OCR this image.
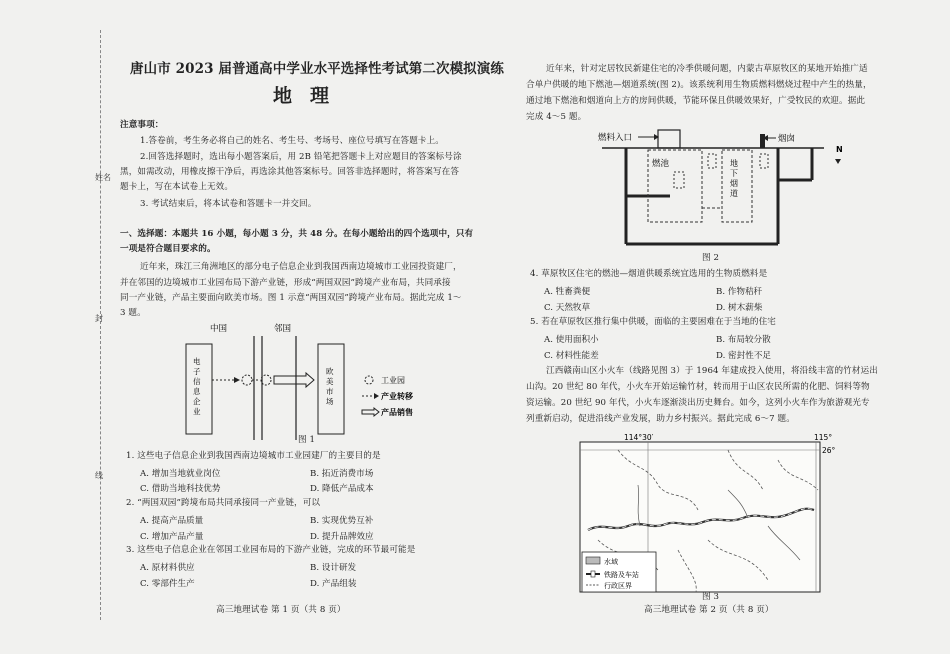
姓名
封
线
唐山市 2023 届普通高中学业水平选择性考试第二次模拟演练
地理
注意事项：
1.答卷前，考生务必将自己的姓名、考生号、考场号、座位号填写在答题卡上。
2.回答选择题时，选出每小题答案后，用 2B 铅笔把答题卡上对应题目的答案标号涂
黑，如需改动，用橡皮擦干净后，再选涂其他答案标号。回答非选择题时，将答案写在答
题卡上，写在本试卷上无效。
3. 考试结束后，将本试卷和答题卡一并交回。
一、选择题：本题共 16 小题，每小题 3 分，共 48 分。在每小题给出的四个选项中，只有
一项是符合题目要求的。
近年来，珠江三角洲地区的部分电子信息企业到我国西南边境城市工业园投资建厂，
并在邻国的边境城市工业园布局下游产业链，形成“两国双园”跨境产业布局，共同承接
同一产业链，产品主要面向欧美市场。图 1 示意“两国双园”跨境产业布局。据此完成 1～
3 题。
中国	邻国
电子信息企业
欧美市场
工业园
产业转移
产品销售
图 1
1. 这些电子信息企业到我国西南边境城市工业园建厂的主要目的是
A. 增加当地就业岗位	B. 拓近消费市场
C. 借助当地科技优势	D. 降低产品成本
2. “两国双园”跨境布局共同承接同一产业链，可以
A. 提高产品质量	B. 实现优势互补
C. 增加产品产量	D. 提升品牌效应
3. 这些电子信息企业在邻国工业园布局的下游产业链，完成的环节最可能是
A. 原材料供应	B. 设计研发
C. 零部件生产	D. 产品组装
高三地理试卷 第 1 页（共 8 页）
近年来，针对定居牧民新建住宅的冷季供暖问题，内蒙古草原牧区的某地开始推广适
合单户供暖的地下燃池—烟道系统(图 2)。该系统利用生物质燃料燃烧过程中产生的热量，
通过地下燃池和烟道向上方的房间供暖，节能环保且供暖效果好，广受牧民的欢迎。据此
完成 4～5 题。
燃料入口	烟囱
N
燃池	地下烟道
图 2
4. 草原牧区住宅的燃池—烟道供暖系统宜选用的生物质燃料是
A. 牲畜粪便	B. 作物秸秆
C. 天然牧草	D. 树木薪柴
5. 若在草原牧区推行集中供暖，面临的主要困难在于当地的住宅
A. 使用面积小	B. 布局较分散
C. 材料性能差	D. 密封性不足
江西赣南山区小火车（线路见图 3）于 1964 年建成投入使用，将沿线丰富的竹材运出
山沟。20 世纪 80 年代，小火车开始运输竹材，转而用于山区农民所需的化肥、饲料等物
资运输。20 世纪 90 年代，小火车逐渐淡出历史舞台。如今，这列小火车作为旅游观光专
列重新启动，促进沿线产业发展，助力乡村振兴。据此完成 6～7 题。
114°30′	115°
26°
水域
铁路及车站
行政区界
图 3
高三地理试卷 第 2 页（共 8 页）
